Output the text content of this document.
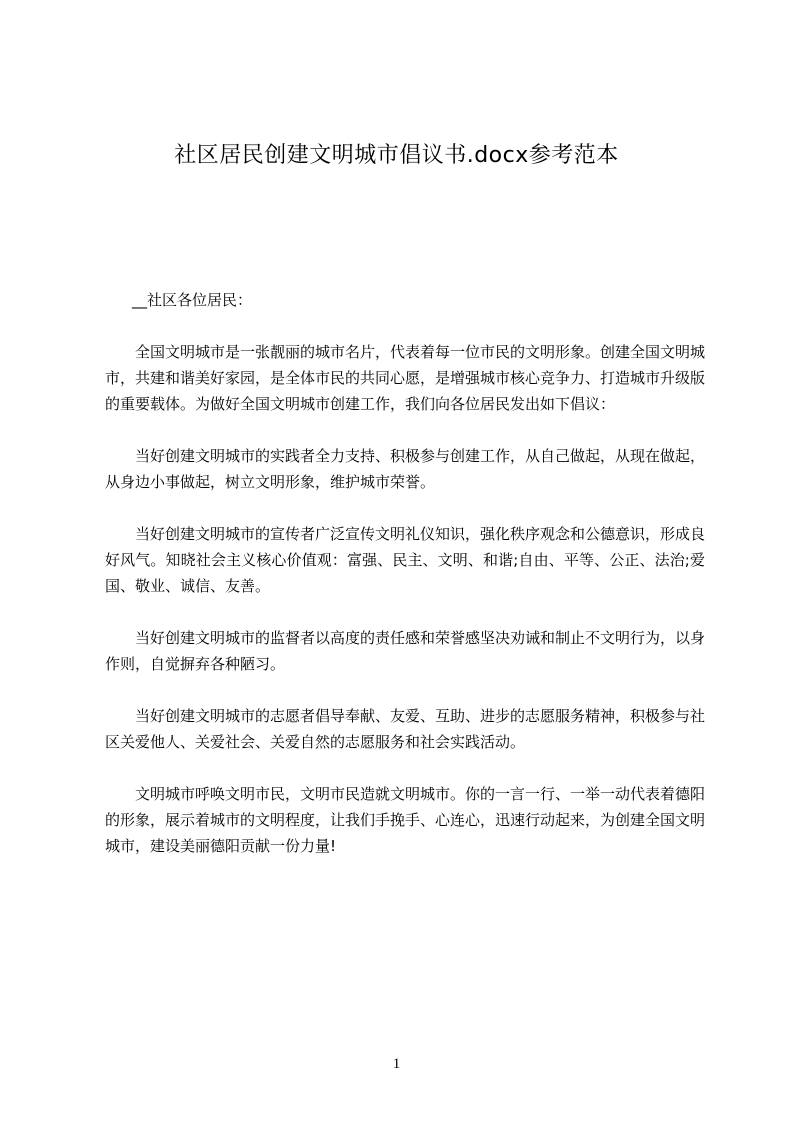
社区居民创建文明城市倡议书.docx参考范本

__社区各位居民：

全国文明城市是一张靓丽的城市名片，代表着每一位市民的文明形象。创建全国文明城市，共建和谐美好家园，是全体市民的共同心愿，是增强城市核心竞争力、打造城市升级版的重要载体。为做好全国文明城市创建工作，我们向各位居民发出如下倡议：

当好创建文明城市的实践者全力支持、积极参与创建工作，从自己做起，从现在做起，从身边小事做起，树立文明形象，维护城市荣誉。

当好创建文明城市的宣传者广泛宣传文明礼仪知识，强化秩序观念和公德意识，形成良好风气。知晓社会主义核心价值观：富强、民主、文明、和谐;自由、平等、公正、法治;爱国、敬业、诚信、友善。

当好创建文明城市的监督者以高度的责任感和荣誉感坚决劝诫和制止不文明行为，以身作则，自觉摒弃各种陋习。

当好创建文明城市的志愿者倡导奉献、友爱、互助、进步的志愿服务精神，积极参与社区关爱他人、关爱社会、关爱自然的志愿服务和社会实践活动。

文明城市呼唤文明市民，文明市民造就文明城市。你的一言一行、一举一动代表着德阳的形象，展示着城市的文明程度，让我们手挽手、心连心，迅速行动起来，为创建全国文明城市，建设美丽德阳贡献一份力量!

1
